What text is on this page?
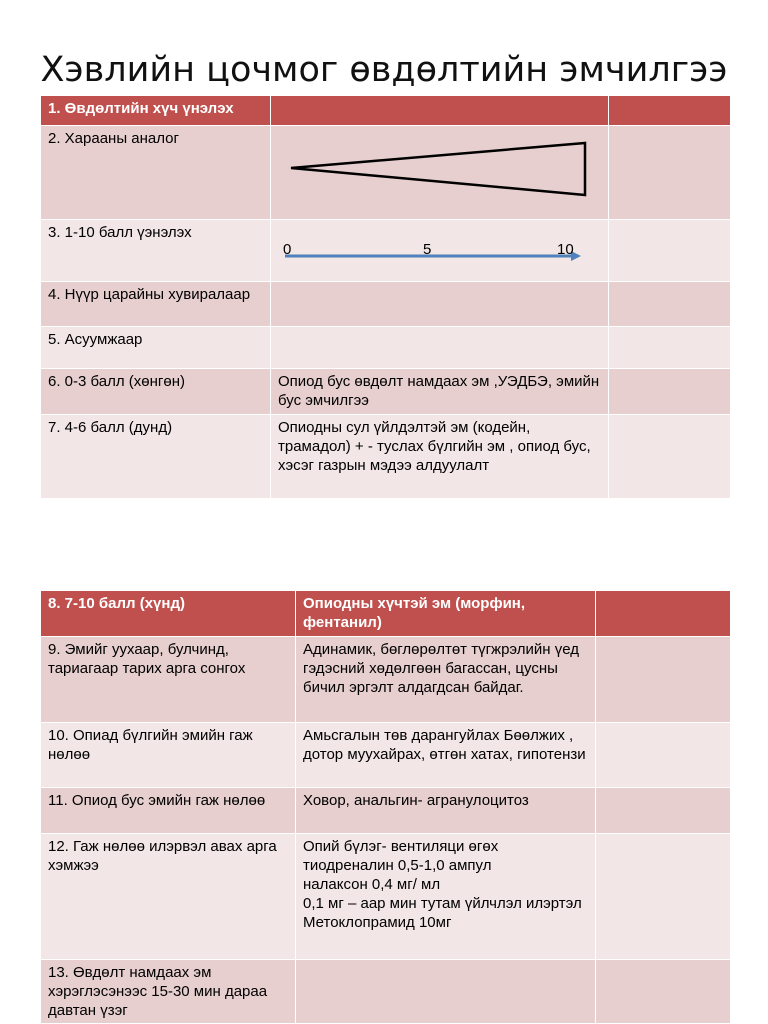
Хэвлийн цочмог өвдөлтийн эмчилгээ
1. Өвдөлтийн хүч үнэлэх		
2. Хараaны аналог		
3. 1-10 балл үэнэлэх	0 5 10	

4. Нүүр царайны хувиралаар		
5. Асуумжаар		
6. 0-3 балл (хөнгөн)	Опиод бус өвдөлт намдаах эм ,УЭДБЭ, эмийн бус эмчилгээ	
7. 4-6 балл (дунд)	Опиодны сул үйлдэлтэй эм (кодейн, трамадол) + - туслах бүлгийн эм , опиод бус, хэсэг газрын мэдээ алдуулалт	
8. 7-10 балл (хүнд)	Опиодны хүчтэй эм (морфин, фентанил)	
9. Эмийг уухаар, булчинд, тариагаар тарих арга сонгох	Адинамик, бөглөрөлтөт түгжрэлийн үед гэдэсний хөдөлгөөн багассан, цусны бичил эргэлт алдагдсан байдаг.	
10. Опиад бүлгийн эмийн гаж нөлөө	Амьсгалын төв дарангуйлах Бөөлжих , дотор муухайрах, өтгөн хатах, гипотензи	
11. Опиод бус эмийн гаж нөлөө	Ховор, анальгин- агранулоцитоз	
12. Гаж нөлөө илэрвэл авах арга хэмжээ	Опий бүлэг- вентиляци өгөх
тиодреналин 0,5-1,0 ампул
налаксон 0,4 мг/ мл
0,1 мг – аар мин тутам үйлчлэл илэртэл
Метоклопрамид 10мг	
13. Өвдөлт намдаах эм хэрэглэсэнээс 15-30 мин дараа давтан үзэг		
